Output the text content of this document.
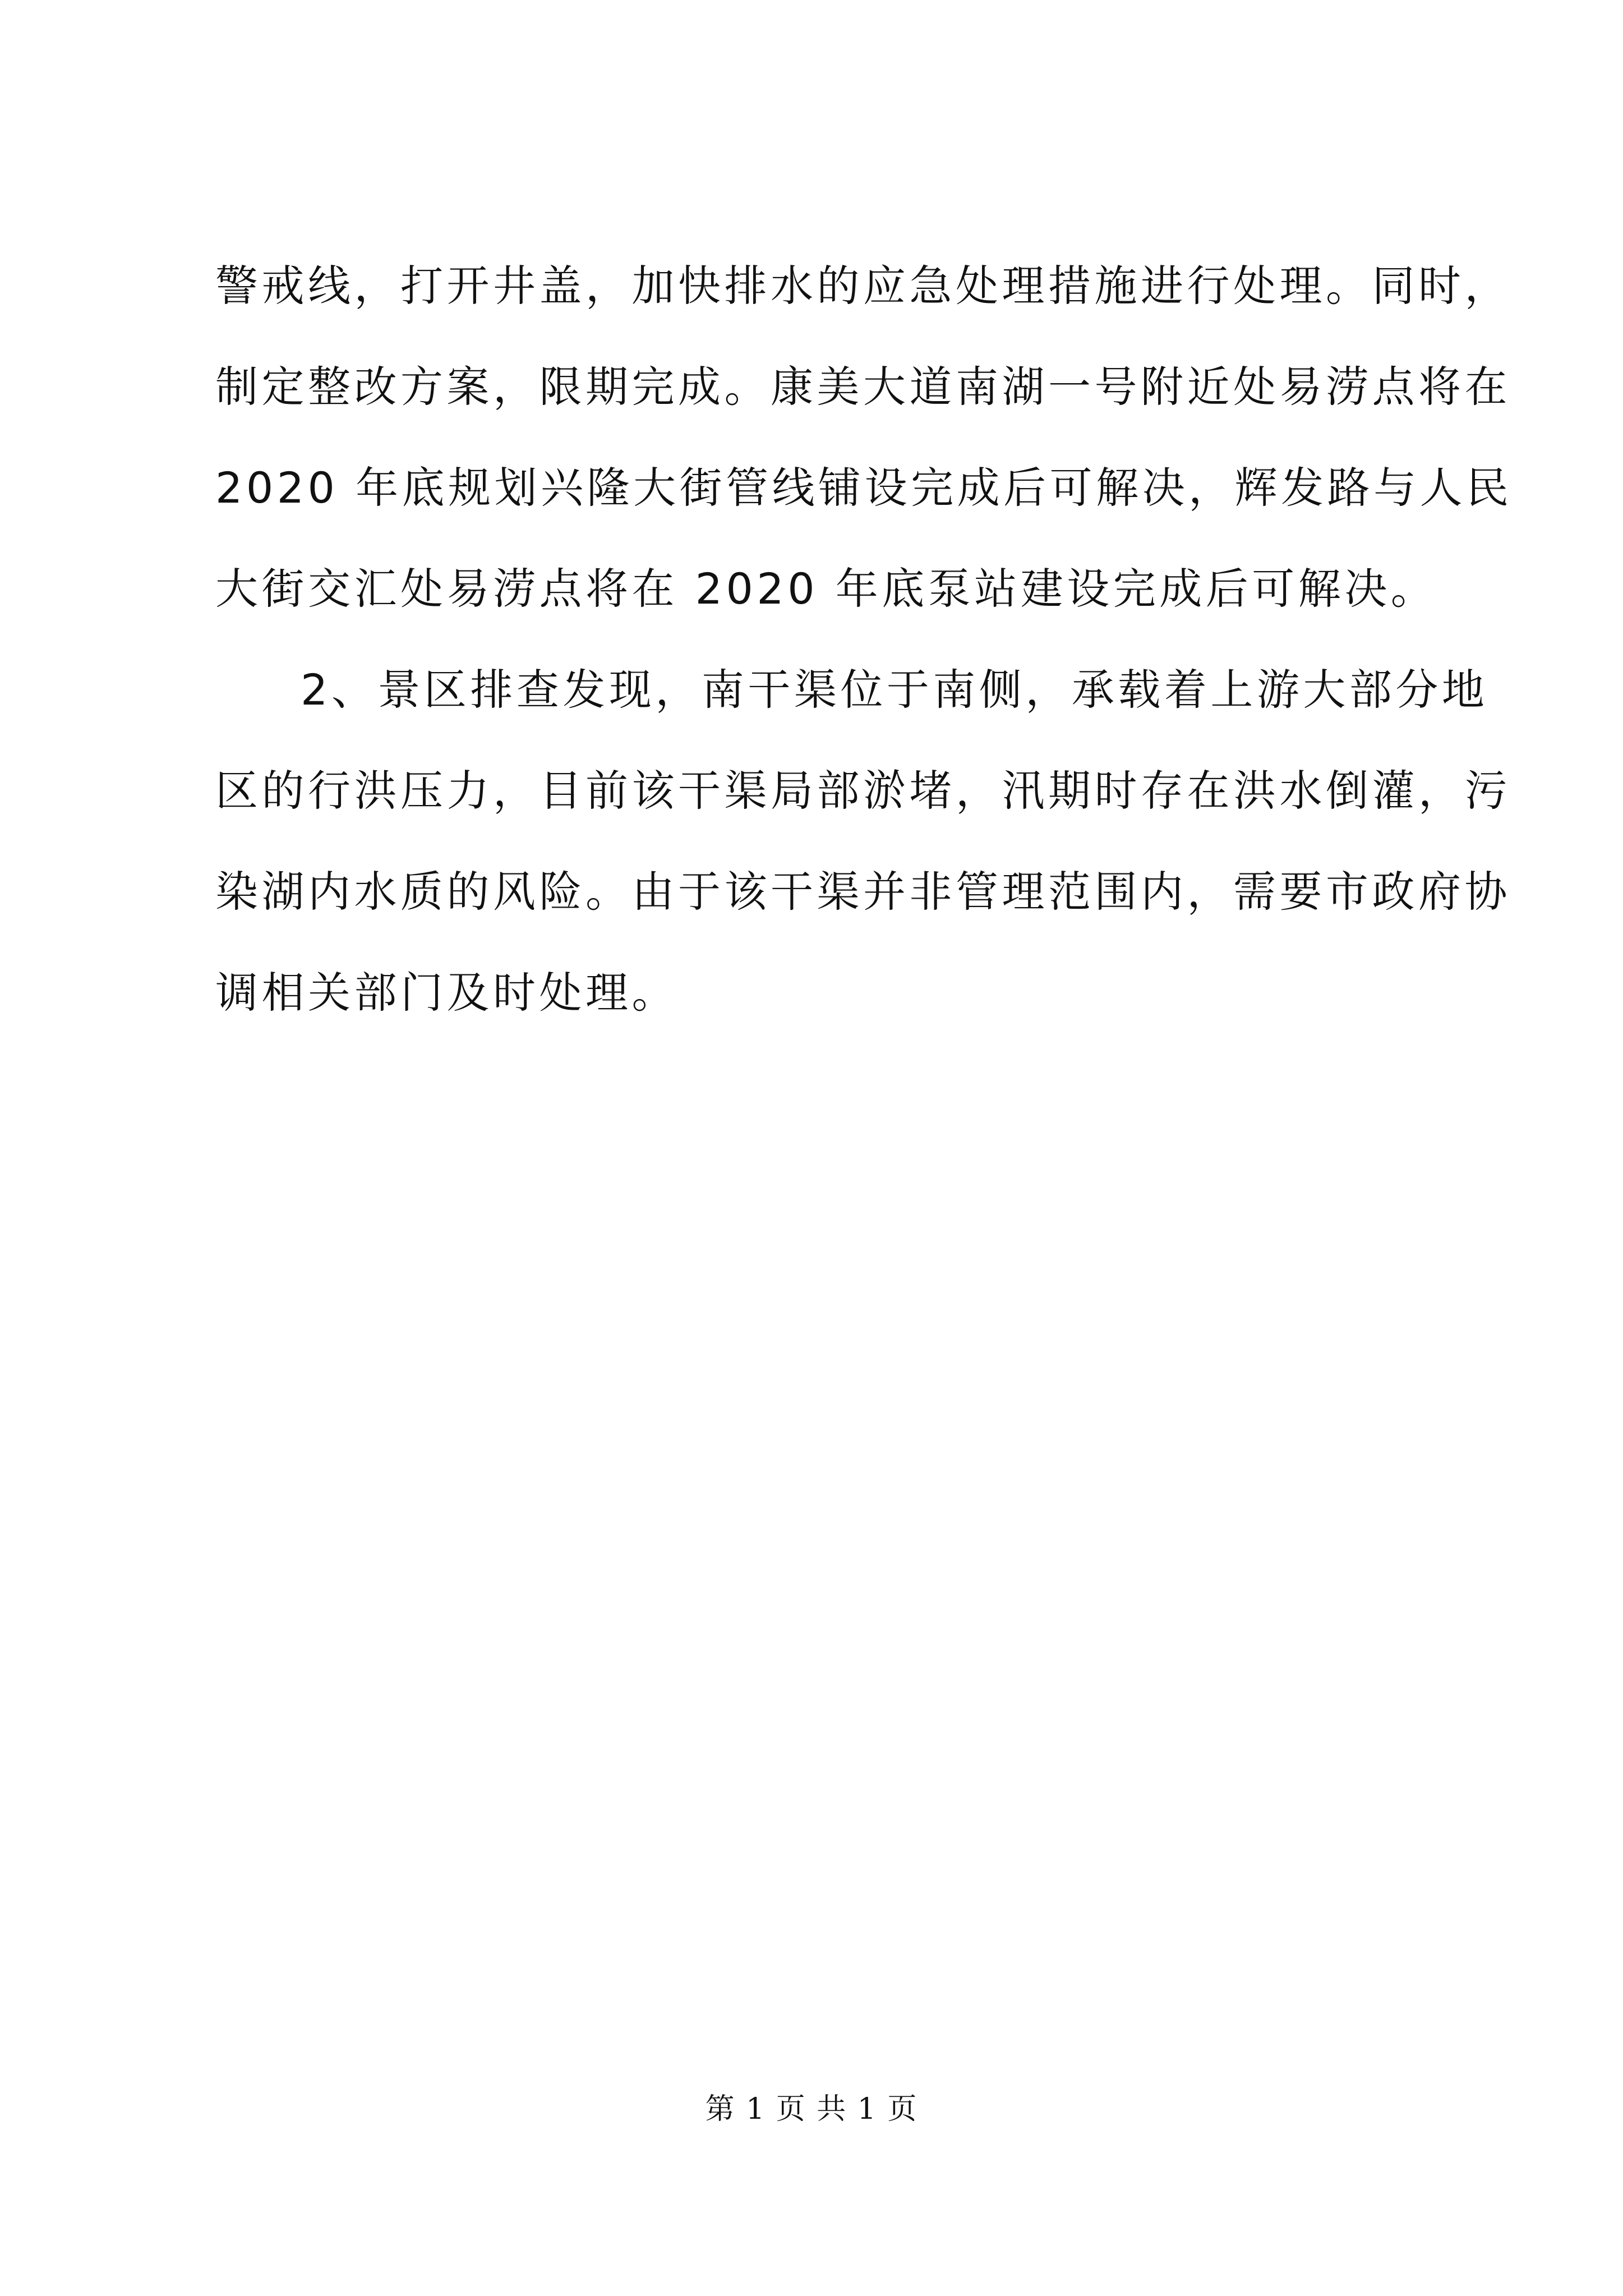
警戒线，打开井盖，加快排水的应急处理措施进行处理。同时，
制定整改方案，限期完成。康美大道南湖一号附近处易涝点将在
2020 年底规划兴隆大街管线铺设完成后可解决，辉发路与人民
大街交汇处易涝点将在 2020 年底泵站建设完成后可解决。
2、景区排查发现，南干渠位于南侧，承载着上游大部分地
区的行洪压力，目前该干渠局部淤堵，汛期时存在洪水倒灌，污
染湖内水质的风险。由于该干渠并非管理范围内，需要市政府协
调相关部门及时处理。
第 1 页 共 1 页
